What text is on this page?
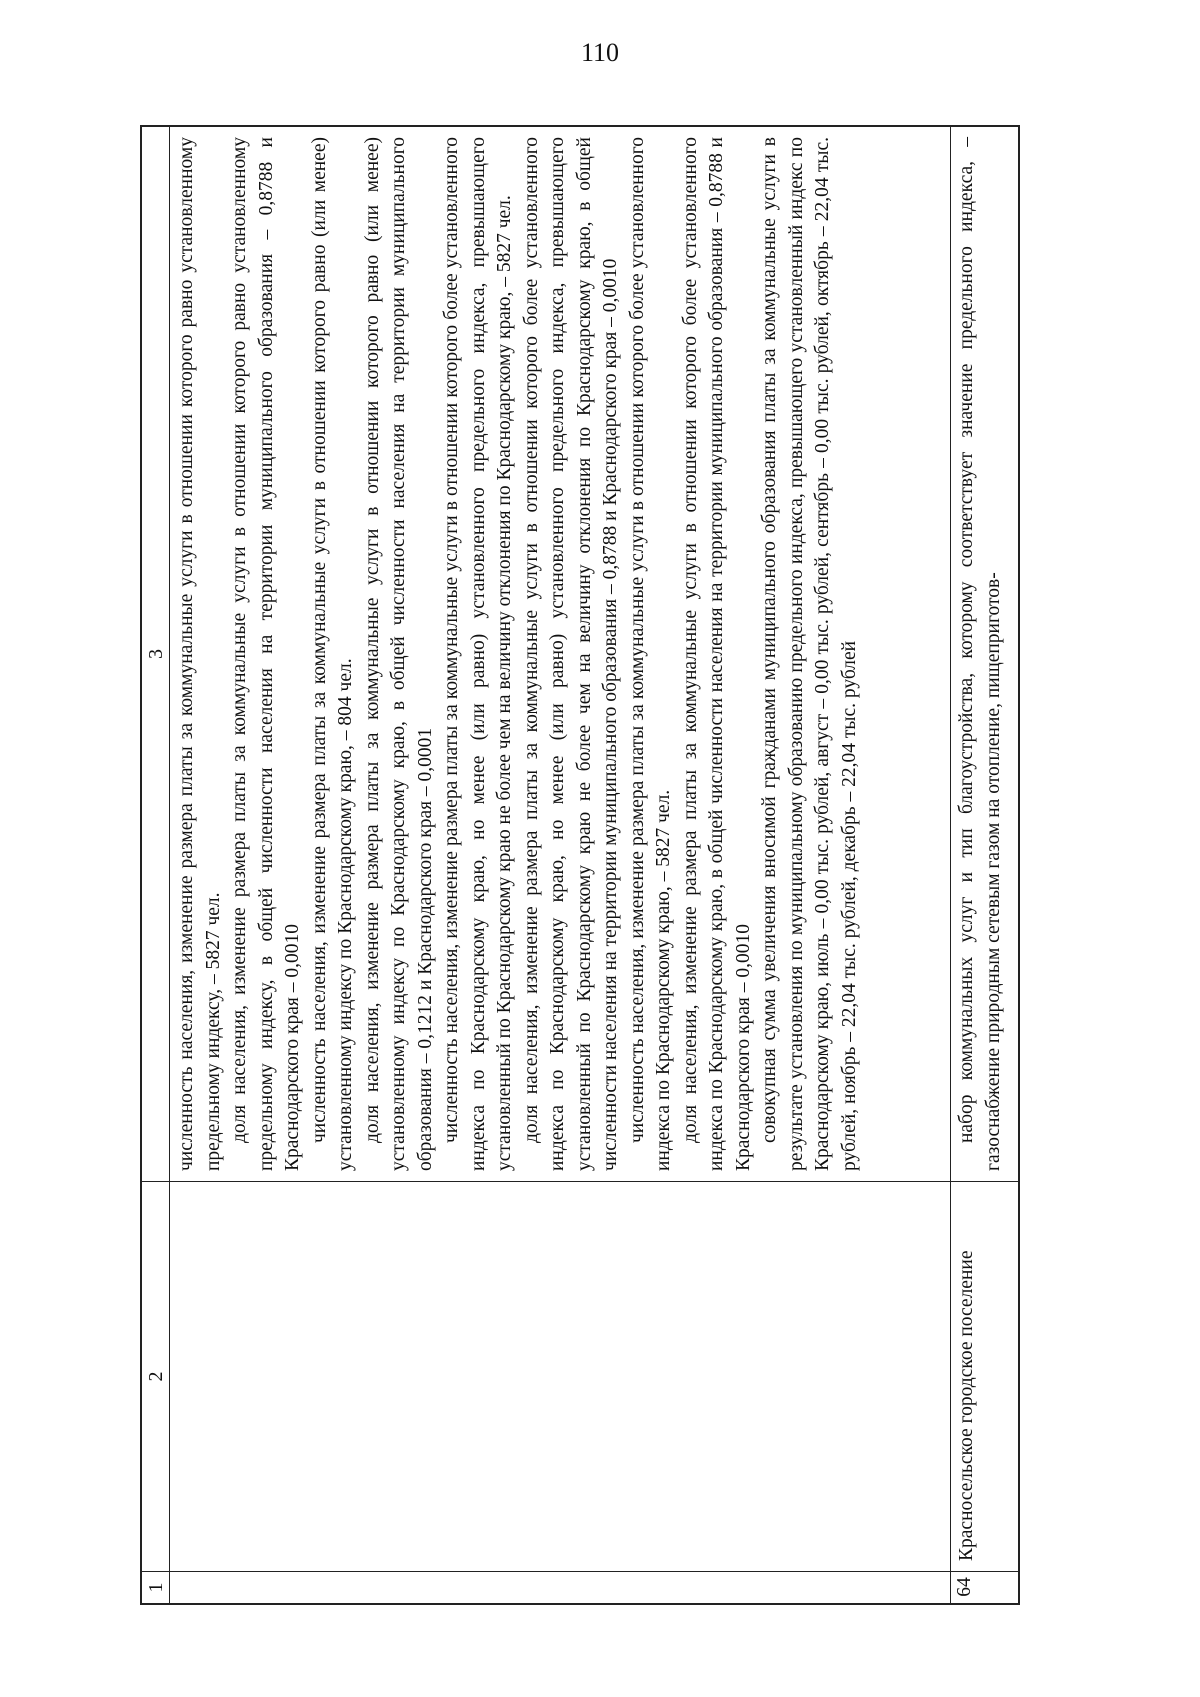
110
1
2
3 численность населения, изменение размера платы за коммунальные услуги в отношении которого равно установленному предельному индексу, – 5827 чел. доля населения, изменение размера платы за коммунальные услуги в отношении которого равно установленному предельному индексу, в общей численности населения на территории муниципального образования – 0,8788 и Краснодарского края – 0,0010 численность населения, изменение размера платы за коммунальные услуги в отношении которого равно (или менее) установленному индексу по Краснодарскому краю, – 804 чел. доля населения, изменение размера платы за коммунальные услуги в отношении которого равно (или менее) установленному индексу по Краснодарскому краю, в общей численности населения на территории муниципального образования – 0,1212 и Краснодарского края – 0,0001 численность населения, изменение размера платы за коммунальные услуги в отношении которого более установленного индекса по Краснодарскому краю, но менее (или равно) установленного предельного индекса, превышающего установленный по Краснодарскому краю не более чем на величину отклонения по Краснодарскому краю, – 5827 чел. доля населения, изменение размера платы за коммунальные услуги в отношении которого более установленного индекса по Краснодарскому краю, но менее (или равно) установленного предельного индекса, превышающего установленный по Краснодарскому краю не более чем на величину отклонения по Краснодарскому краю, в общей численности населения на территории муниципального образования – 0,8788 и Краснодарского края – 0,0010 численность населения, изменение размера платы за коммунальные услуги в отношении которого более установленного индекса по Краснодарскому краю, – 5827 чел. доля населения, изменение размера платы за коммунальные услуги в отношении которого более установленного индекса по Краснодарскому краю, в общей численности населения на территории муниципального образования – 0,8788 и Краснодарского края – 0,0010 совокупная сумма увеличения вносимой гражданами муниципального образования платы за коммунальные услуги в результате установления по муниципальному образованию предельного индекса, превышающего установленный индекс по Краснодарскому краю, июль – 0,00 тыс. рублей, август – 0,00 тыс. рублей, сентябрь – 0,00 тыс. рублей, октябрь – 22,04 тыс. рублей, ноябрь – 22,04 тыс. рублей, декабрь – 22,04 тыс. рублей

64
Красносельское городское поселение

набор коммунальных услуг и тип благоустройства, которому соответствует значение предельного индекса, – газоснабжение природным сетевым газом на отопление, пищеприготов-
